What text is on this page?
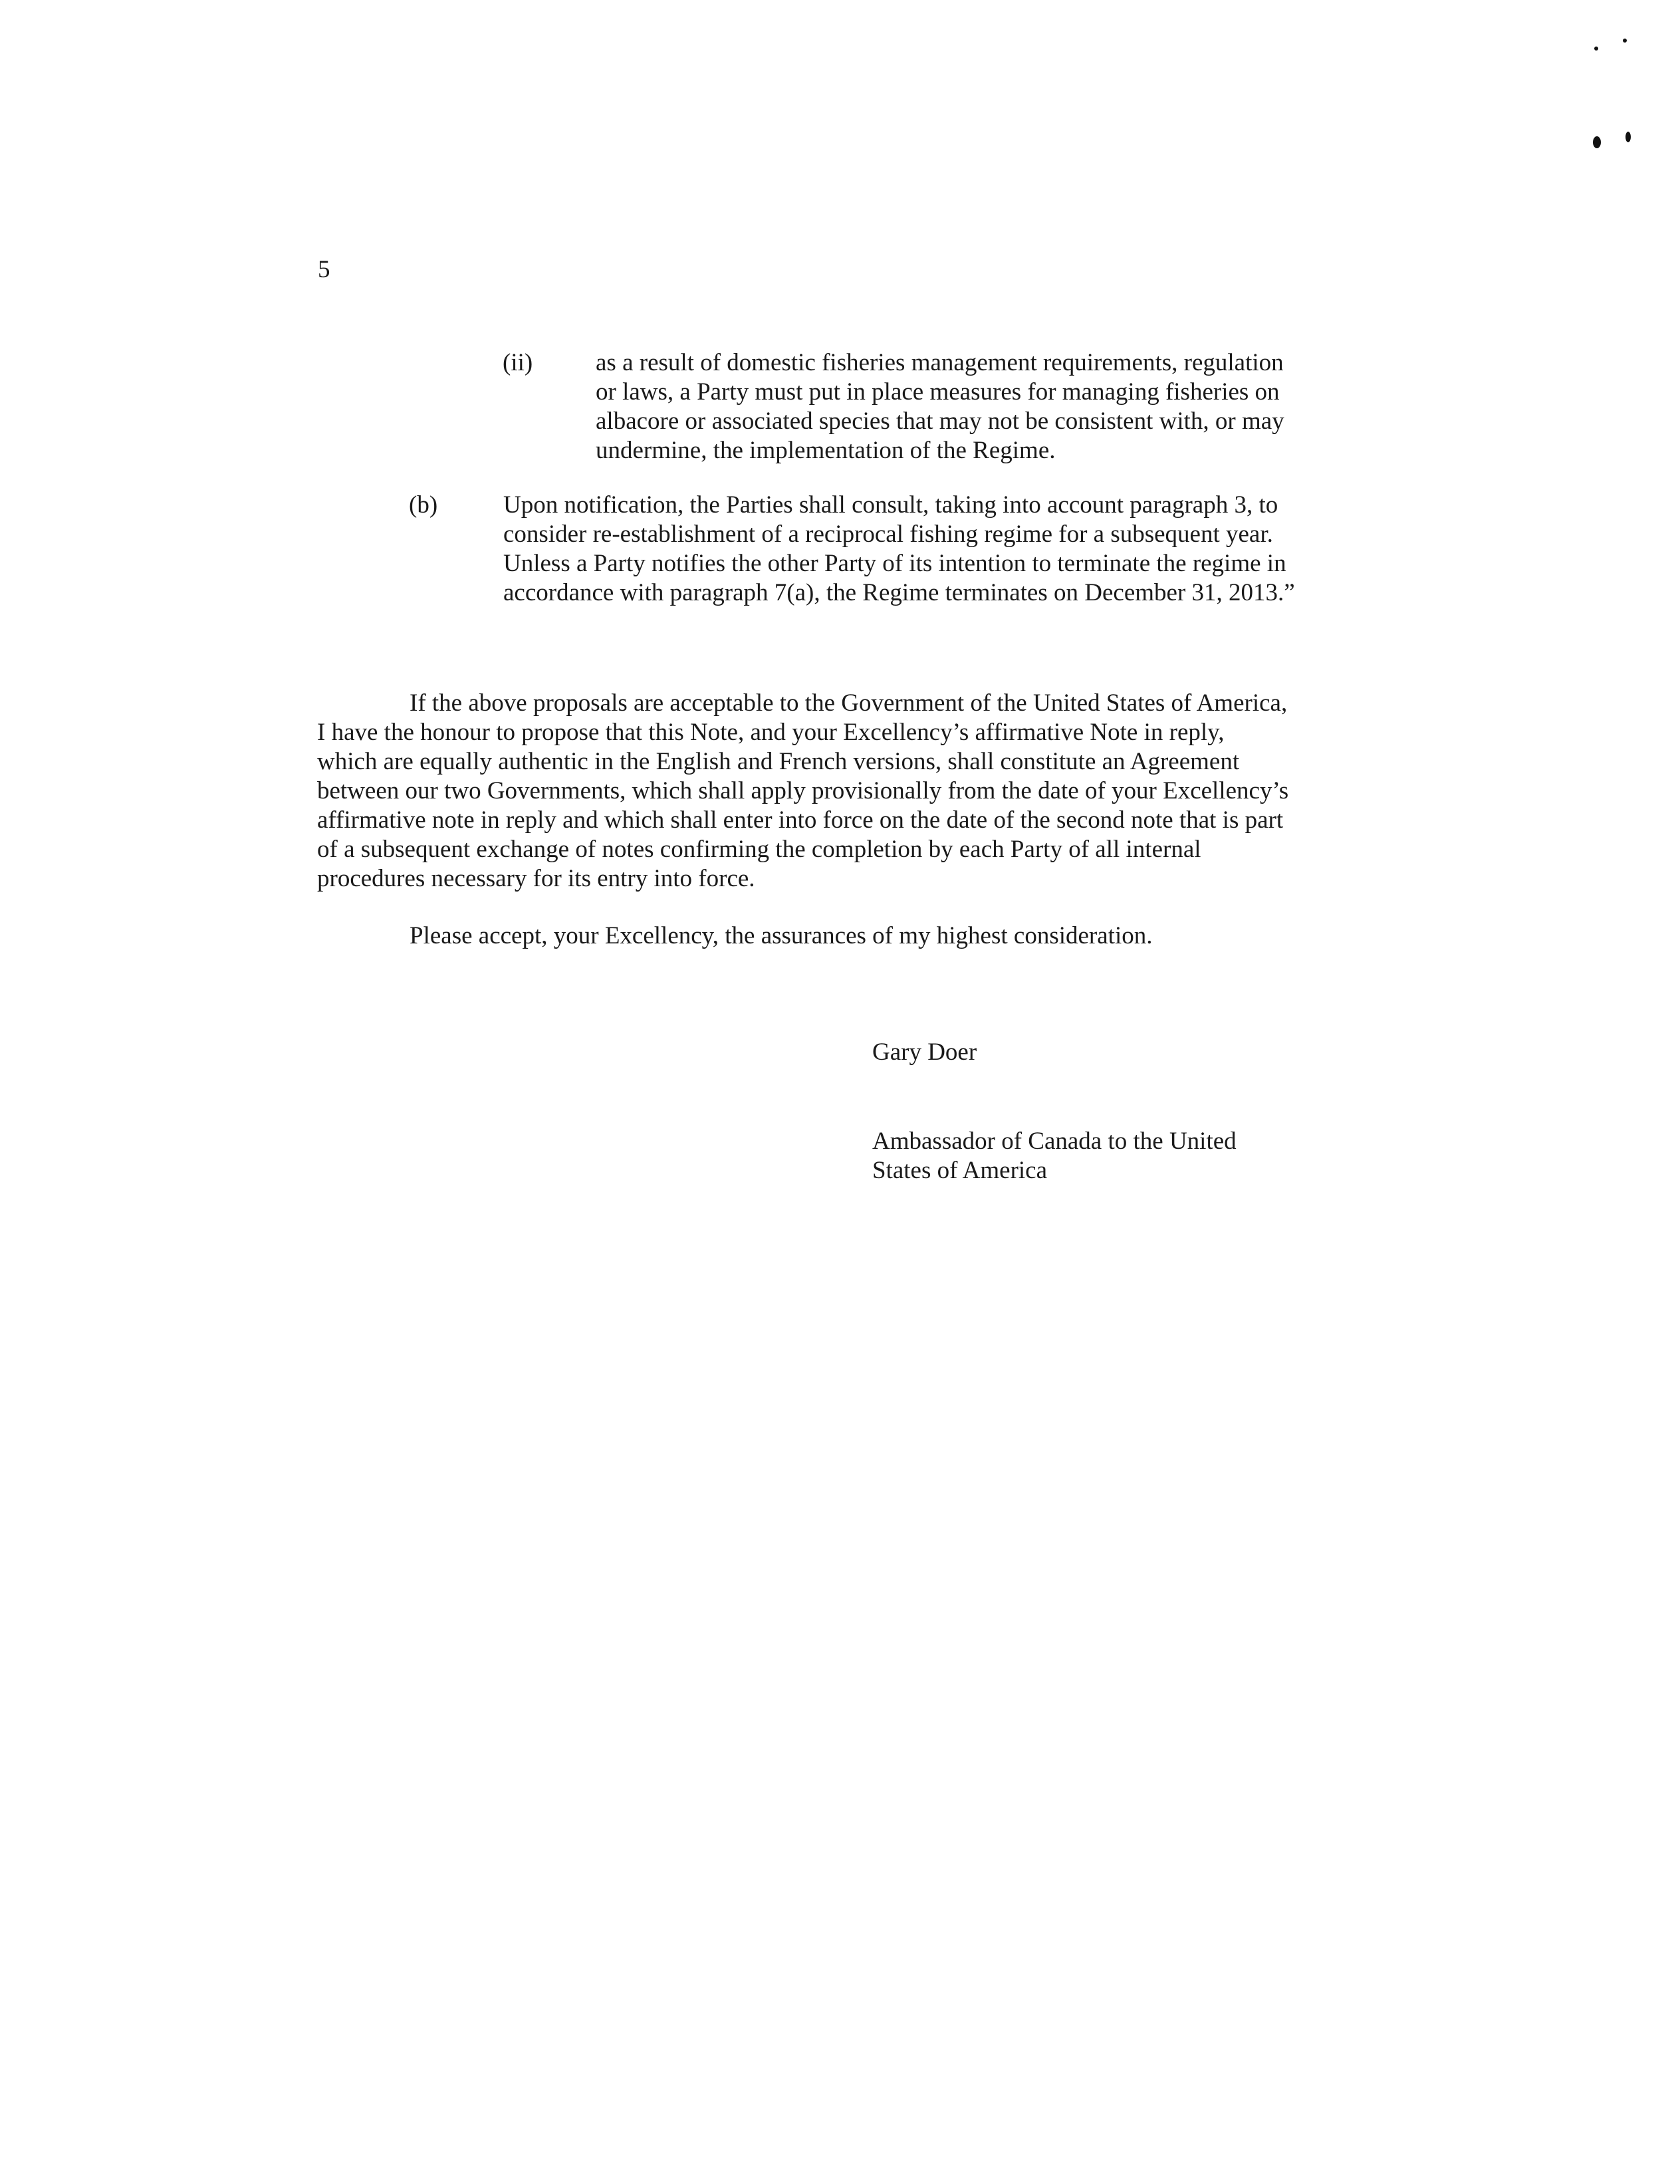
5
(ii)	as a result of domestic fisheries management requirements, regulation
or laws, a Party must put in place measures for managing fisheries on
albacore or associated species that may not be consistent with, or may
undermine, the implementation of the Regime.
(b)	Upon notification, the Parties shall consult, taking into account paragraph 3, to
consider re-establishment of a reciprocal fishing regime for a subsequent year.
Unless a Party notifies the other Party of its intention to terminate the regime in
accordance with paragraph 7(a), the Regime terminates on December 31, 2013.”
If the above proposals are acceptable to the Government of the United States of America,
I have the honour to propose that this Note, and your Excellency’s affirmative Note in reply,
which are equally authentic in the English and French versions, shall constitute an Agreement
between our two Governments, which shall apply provisionally from the date of your Excellency’s
affirmative note in reply and which shall enter into force on the date of the second note that is part
of a subsequent exchange of notes confirming the completion by each Party of all internal
procedures necessary for its entry into force.
Please accept, your Excellency, the assurances of my highest consideration.
Gary Doer
Ambassador of Canada to the United
States of America
